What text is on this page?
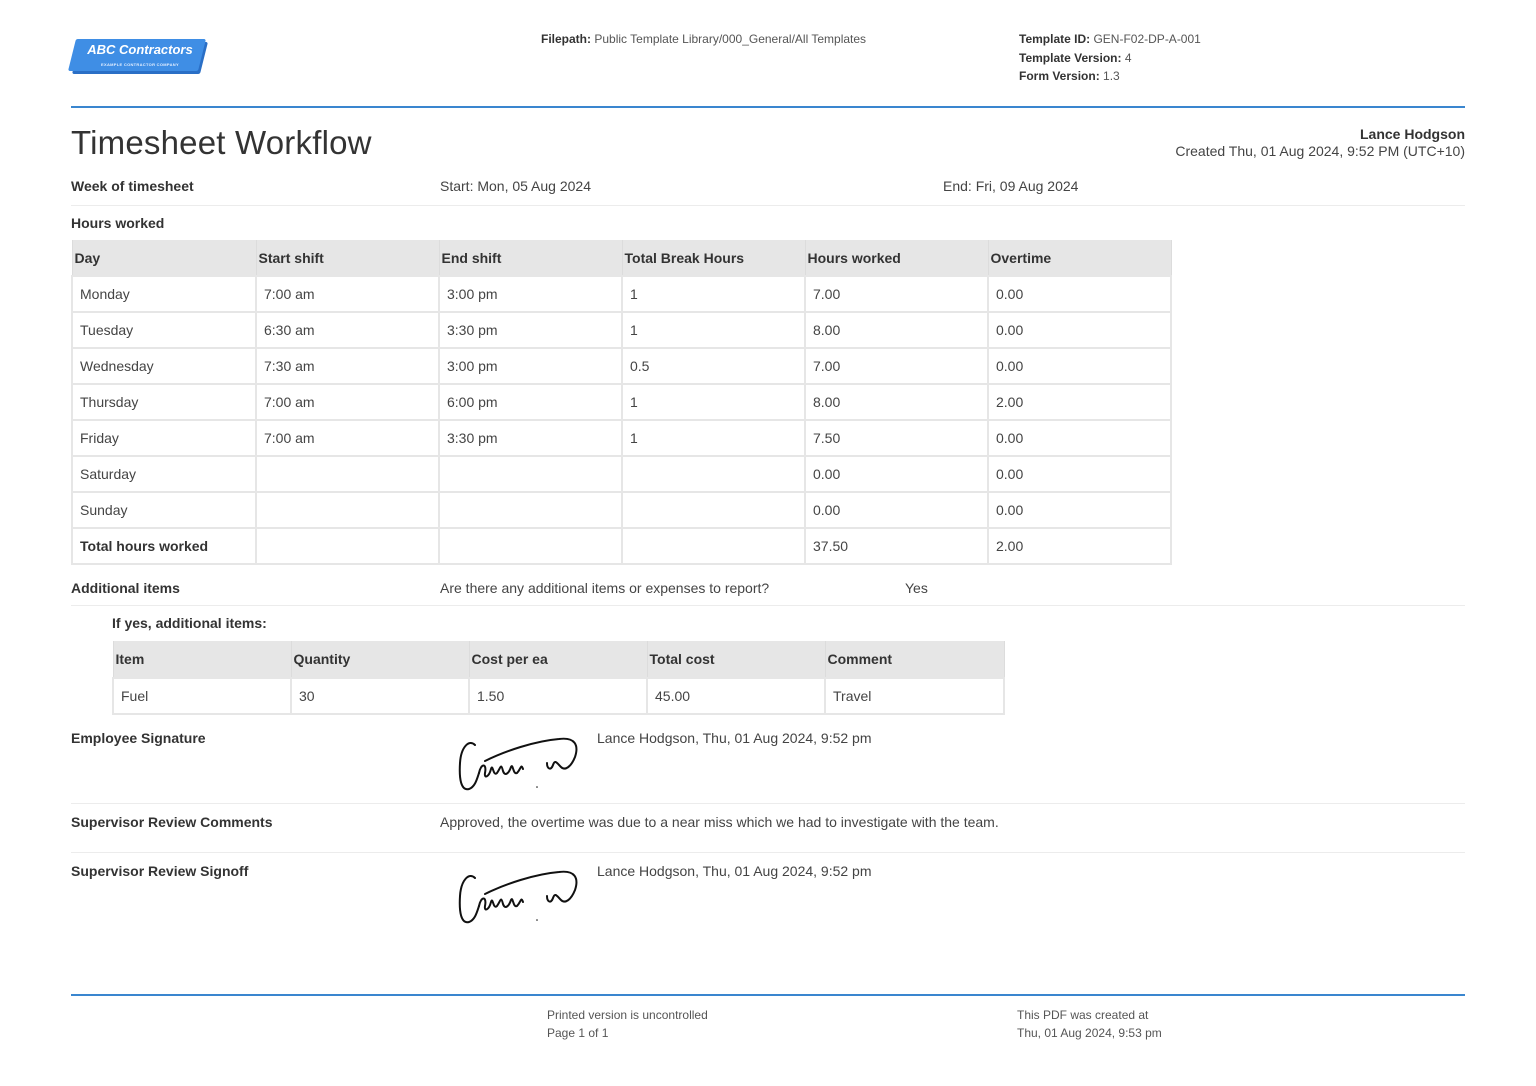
ABC Contractors
EXAMPLE CONTRACTOR COMPANY
Filepath: Public Template Library/000_General/All Templates	Template ID: GEN-F02-DP-A-001
Template Version: 4
Form Version: 1.3
Timesheet Workflow	Lance Hodgson
Created Thu, 01 Aug 2024, 9:52 PM (UTC+10)
Week of timesheet	Start: Mon, 05 Aug 2024	End: Fri, 09 Aug 2024
Hours worked
Day	Start shift	End shift	Total Break Hours	Hours worked	Overtime
Monday	7:00 am	3:00 pm	1	7.00	0.00
Tuesday	6:30 am	3:30 pm	1	8.00	0.00
Wednesday	7:30 am	3:00 pm	0.5	7.00	0.00
Thursday	7:00 am	6:00 pm	1	8.00	2.00
Friday	7:00 am	3:30 pm	1	7.50	0.00
Saturday				0.00	0.00
Sunday				0.00	0.00
Total hours worked				37.50	2.00
Additional items	Are there any additional items or expenses to report?	Yes
If yes, additional items:
Item	Quantity	Cost per ea	Total cost	Comment
Fuel	30	1.50	45.00	Travel
Employee Signature	Lance Hodgson, Thu, 01 Aug 2024, 9:52 pm
Supervisor Review Comments	Approved, the overtime was due to a near miss which we had to investigate with the team.
Supervisor Review Signoff	Lance Hodgson, Thu, 01 Aug 2024, 9:52 pm
Printed version is uncontrolled
Page 1 of 1
This PDF was created at
Thu, 01 Aug 2024, 9:53 pm
